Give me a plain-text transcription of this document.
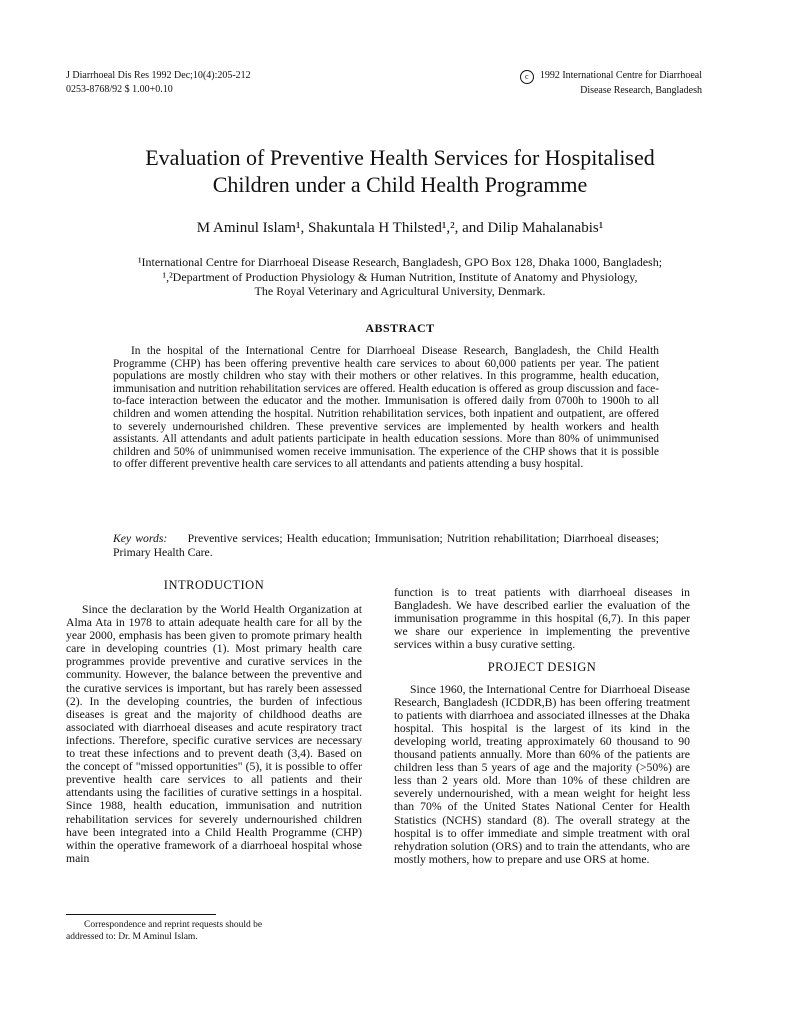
J Diarrhoeal Dis Res 1992 Dec;10(4):205-212
0253-8768/92 $ 1.00+0.10
c 1992 International Centre for Diarrhoeal
Disease Research, Bangladesh
Evaluation of Preventive Health Services for Hospitalised
Children under a Child Health Programme
M Aminul Islam¹, Shakuntala H Thilsted¹,², and Dilip Mahalanabis¹
¹International Centre for Diarrhoeal Disease Research, Bangladesh, GPO Box 128, Dhaka 1000, Bangladesh;
¹,²Department of Production Physiology & Human Nutrition, Institute of Anatomy and Physiology,
The Royal Veterinary and Agricultural University, Denmark.
ABSTRACT
In the hospital of the International Centre for Diarrhoeal Disease Research, Bangladesh, the Child Health Programme (CHP) has been offering preventive health care services to about 60,000 patients per year. The patient populations are mostly children who stay with their mothers or other relatives. In this programme, health education, immunisation and nutrition rehabilitation services are offered. Health education is offered as group discussion and face-to-face interaction between the educator and the mother. Immunisation is offered daily from 0700h to 1900h to all children and women attending the hospital. Nutrition rehabilitation services, both inpatient and outpatient, are offered to severely undernourished children. These preventive services are implemented by health workers and health assistants. All attendants and adult patients participate in health education sessions. More than 80% of unimmunised children and 50% of unimmunised women receive immunisation. The experience of the CHP shows that it is possible to offer different preventive health care services to all attendants and patients attending a busy hospital.
Key words: Preventive services; Health education; Immunisation; Nutrition rehabilitation; Diarrhoeal diseases; Primary Health Care.
INTRODUCTION

Since the declaration by the World Health Organization at Alma Ata in 1978 to attain adequate health care for all by the year 2000, emphasis has been given to promote primary health care in developing countries (1). Most primary health care programmes provide preventive and curative services in the community. However, the balance between the preventive and the curative services is important, but has rarely been assessed (2). In the developing countries, the burden of infectious diseases is great and the majority of childhood deaths are associated with diarrhoeal diseases and acute respiratory tract infections. Therefore, specific curative services are necessary to treat these infections and to prevent death (3,4). Based on the concept of "missed opportunities" (5), it is possible to offer preventive health care services to all patients and their attendants using the facilities of curative settings in a hospital. Since 1988, health education, immunisation and nutrition rehabilitation services for severely undernourished children have been integrated into a Child Health Programme (CHP) within the operative framework of a diarrhoeal hospital whose main

function is to treat patients with diarrhoeal diseases in Bangladesh. We have described earlier the evaluation of the immunisation programme in this hospital (6,7). In this paper we share our experience in implementing the preventive services within a busy curative setting.

PROJECT DESIGN

Since 1960, the International Centre for Diarrhoeal Disease Research, Bangladesh (ICDDR,B) has been offering treatment to patients with diarrhoea and associated illnesses at the Dhaka hospital. This hospital is the largest of its kind in the developing world, treating approximately 60 thousand to 90 thousand patients annually. More than 60% of the patients are children less than 5 years of age and the majority (>50%) are less than 2 years old. More than 10% of these children are severely undernourished, with a mean weight for height less than 70% of the United States National Center for Health Statistics (NCHS) standard (8). The overall strategy at the hospital is to offer immediate and simple treatment with oral rehydration solution (ORS) and to train the attendants, who are mostly mothers, how to prepare and use ORS at home.

Correspondence and reprint requests should be
addressed to: Dr. M Aminul Islam.
